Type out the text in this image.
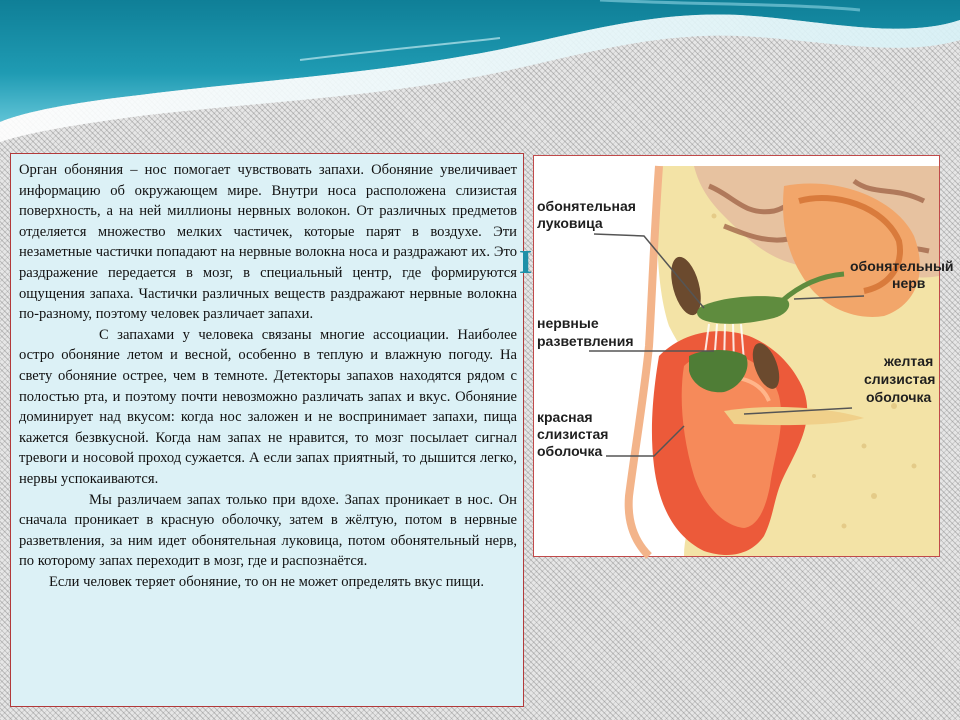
Орган обоняния – нос помогает чувствовать запахи. Обоняние увеличивает информацию об окружающем мире. Внутри носа расположена слизистая поверхность, а на ней миллионы нервных волокон. От различных предметов отделяется множество мелких частичек, которые парят в воздухе. Эти незаметные частички попадают на нервные волокна носа и раздражают их. Это раздражение передается в мозг, в специальный центр, где формируются ощущения запаха. Частички различных веществ раздражают нервные волокна по-разному, поэтому человек различает запахи.

С запахами у человека связаны многие ассоциации. Наиболее остро обоняние летом и весной, особенно в теплую и влажную погоду. На свету обоняние острее, чем в темноте. Детекторы запахов находятся рядом с полостью рта, и поэтому почти невозможно различать запах и вкус. Обоняние доминирует над вкусом: когда нос заложен и не воспринимает запахи, пища кажется безвкусной. Когда нам запах не нравится, то мозг посылает сигнал тревоги и носовой проход сужается. А если запах приятный, то дышится легко, нервы успокаиваются.

Мы различаем запах только при вдохе. Запах проникает в нос. Он сначала проникает в красную оболочку, затем в жёлтую, потом в нервные разветвления, за ним идет обонятельная луковица, потом обонятельный нерв, по которому запах переходит в мозг, где и распознаётся.

Если человек теряет обоняние, то он не может определять вкус пищи.

I
обонятельная луковица
обонятельный нерв
нервные разветвления
желтая слизистая оболочка
красная слизистая оболочка
